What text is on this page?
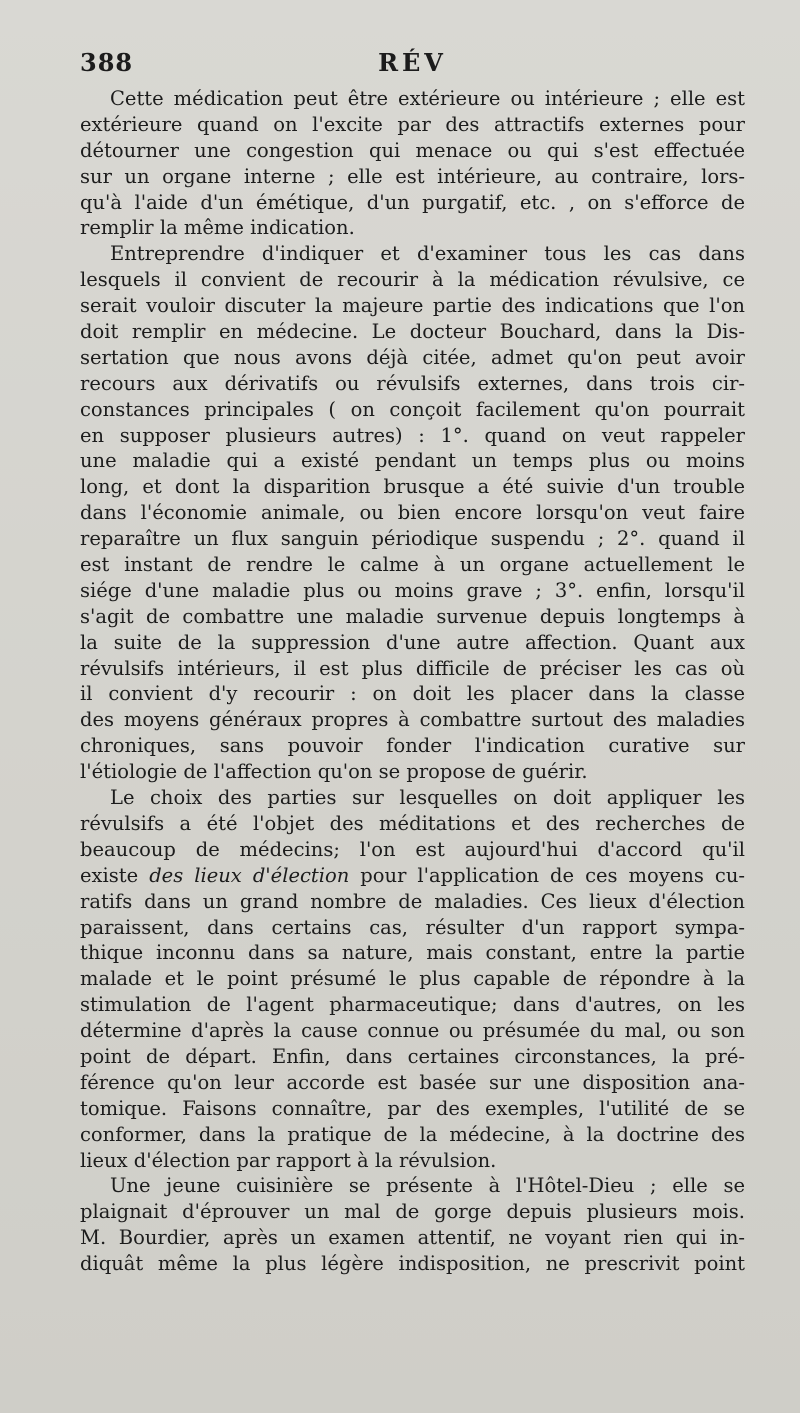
388	RÉV
Cette médication peut être extérieure ou intérieure ; elle est
extérieure quand on l'excite par des attractifs externes pour
détourner une congestion qui menace ou qui s'est effectuée
sur un organe interne ; elle est intérieure, au contraire, lors-
qu'à l'aide d'un émétique, d'un purgatif, etc. , on s'efforce de
remplir la même indication.
Entreprendre d'indiquer et d'examiner tous les cas dans
lesquels il convient de recourir à la médication révulsive, ce
serait vouloir discuter la majeure partie des indications que l'on
doit remplir en médecine. Le docteur Bouchard, dans la Dis-
sertation que nous avons déjà citée, admet qu'on peut avoir
recours aux dérivatifs ou révulsifs externes, dans trois cir-
constances principales ( on conçoit facilement qu'on pourrait
en supposer plusieurs autres) : 1°. quand on veut rappeler
une maladie qui a existé pendant un temps plus ou moins
long, et dont la disparition brusque a été suivie d'un trouble
dans l'économie animale, ou bien encore lorsqu'on veut faire
reparaître un flux sanguin périodique suspendu ; 2°. quand il
est instant de rendre le calme à un organe actuellement le
siége d'une maladie plus ou moins grave ; 3°. enfin, lorsqu'il
s'agit de combattre une maladie survenue depuis longtemps à
la suite de la suppression d'une autre affection. Quant aux
révulsifs intérieurs, il est plus difficile de préciser les cas où
il convient d'y recourir : on doit les placer dans la classe
des moyens généraux propres à combattre surtout des maladies
chroniques, sans pouvoir fonder l'indication curative sur
l'étiologie de l'affection qu'on se propose de guérir.
Le choix des parties sur lesquelles on doit appliquer les
révulsifs a été l'objet des méditations et des recherches de
beaucoup de médecins; l'on est aujourd'hui d'accord qu'il
existe des lieux d'élection pour l'application de ces moyens cu-
ratifs dans un grand nombre de maladies. Ces lieux d'élection
paraissent, dans certains cas, résulter d'un rapport sympa-
thique inconnu dans sa nature, mais constant, entre la partie
malade et le point présumé le plus capable de répondre à la
stimulation de l'agent pharmaceutique; dans d'autres, on les
détermine d'après la cause connue ou présumée du mal, ou son
point de départ. Enfin, dans certaines circonstances, la pré-
férence qu'on leur accorde est basée sur une disposition ana-
tomique. Faisons connaître, par des exemples, l'utilité de se
conformer, dans la pratique de la médecine, à la doctrine des
lieux d'élection par rapport à la révulsion.
Une jeune cuisinière se présente à l'Hôtel-Dieu ; elle se
plaignait d'éprouver un mal de gorge depuis plusieurs mois.
M. Bourdier, après un examen attentif, ne voyant rien qui in-
diquât même la plus légère indisposition, ne prescrivit point
